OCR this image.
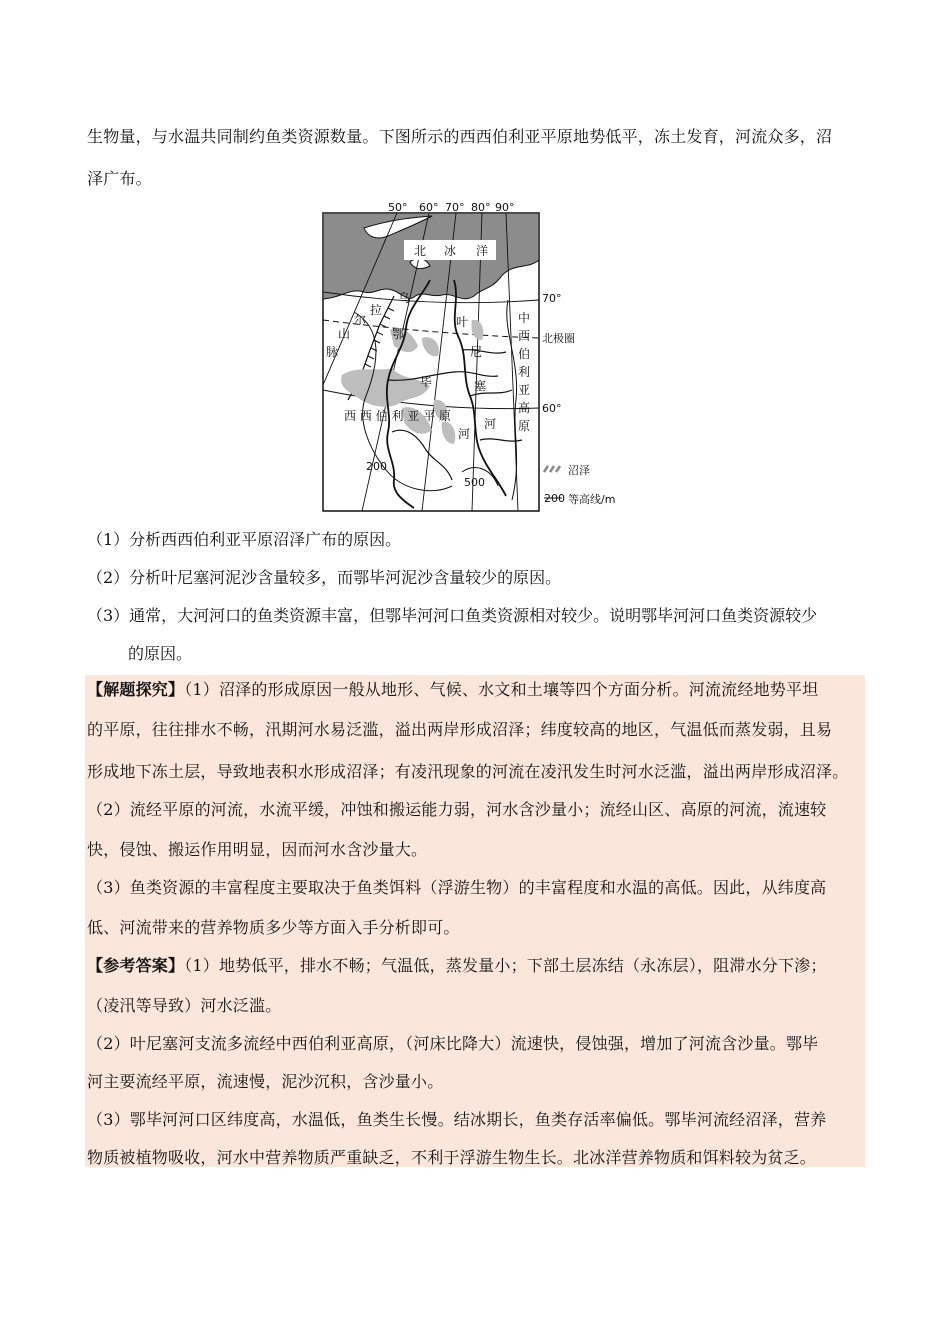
生物量，与水温共同制约鱼类资源数量。下图所示的西西伯利亚平原地势低平，冻土发育，河流众多，沼
泽广布。
50° 60° 70° 80° 90°
70°
60°
北极圈
北 冰 洋
乌
拉
尔
山
脉
鄂
毕
叶
尼
塞
中
西
伯
利
亚
高
原
西 西 伯 利 亚 平 原
河
河
200
500
沼泽
200 等高线/m
（1）分析西西伯利亚平原沼泽广布的原因。
（2）分析叶尼塞河泥沙含量较多，而鄂毕河泥沙含量较少的原因。
（3）通常，大河河口的鱼类资源丰富，但鄂毕河河口鱼类资源相对较少。说明鄂毕河河口鱼类资源较少
的原因。
【解题探究】（1）沼泽的形成原因一般从地形、气候、水文和土壤等四个方面分析。河流流经地势平坦
的平原，往往排水不畅，汛期河水易泛滥，溢出两岸形成沼泽；纬度较高的地区，气温低而蒸发弱，且易
形成地下冻土层，导致地表积水形成沼泽；有凌汛现象的河流在凌汛发生时河水泛滥，溢出两岸形成沼泽。
（2）流经平原的河流，水流平缓，冲蚀和搬运能力弱，河水含沙量小；流经山区、高原的河流，流速较
快，侵蚀、搬运作用明显，因而河水含沙量大。
（3）鱼类资源的丰富程度主要取决于鱼类饵料（浮游生物）的丰富程度和水温的高低。因此，从纬度高
低、河流带来的营养物质多少等方面入手分析即可。
【参考答案】（1）地势低平，排水不畅；气温低，蒸发量小；下部土层冻结（永冻层），阻滞水分下渗；
（凌汛等导致）河水泛滥。
（2）叶尼塞河支流多流经中西伯利亚高原，（河床比降大）流速快，侵蚀强，增加了河流含沙量。鄂毕
河主要流经平原，流速慢，泥沙沉积，含沙量小。
（3）鄂毕河河口区纬度高，水温低，鱼类生长慢。结冰期长，鱼类存活率偏低。鄂毕河流经沼泽，营养
物质被植物吸收，河水中营养物质严重缺乏，不利于浮游生物生长。北冰洋营养物质和饵料较为贫乏。
